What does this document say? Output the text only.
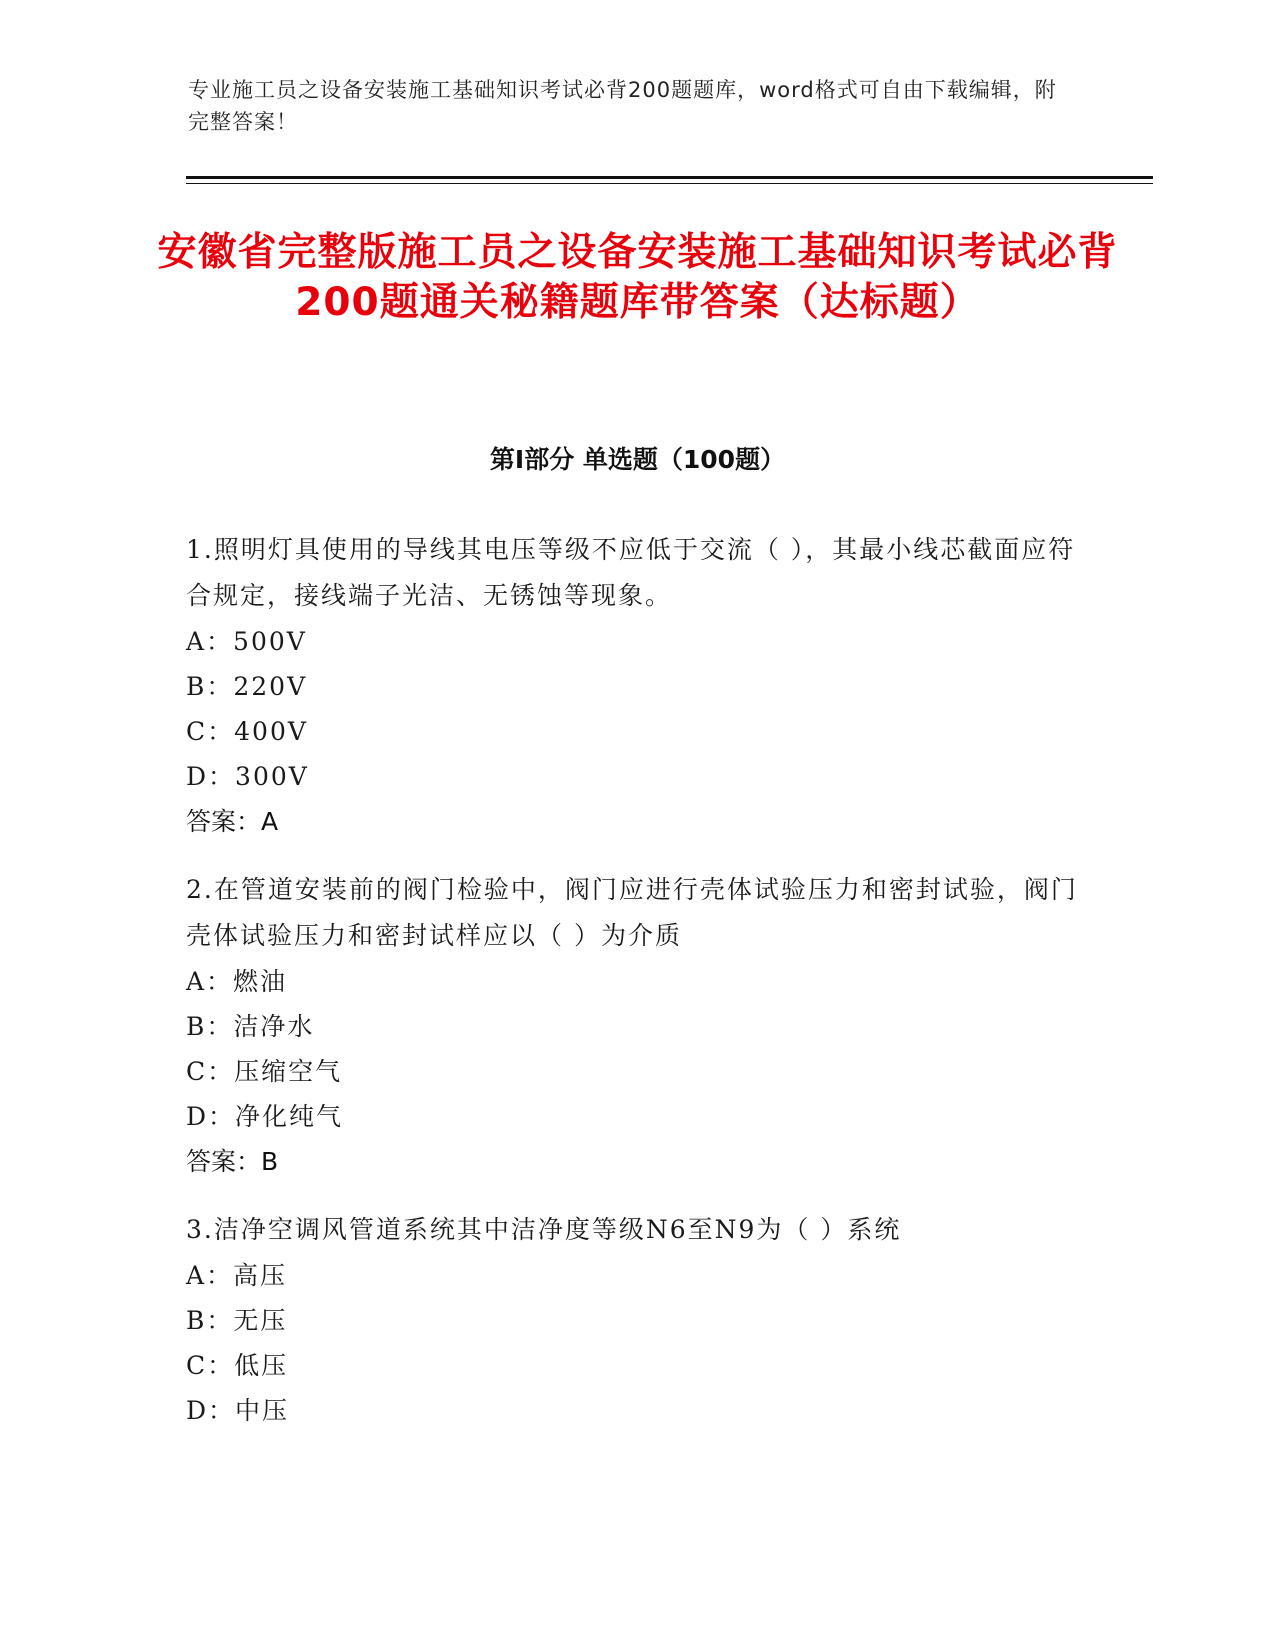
专业施工员之设备安装施工基础知识考试必背200题题库，word格式可自由下载编辑，附完整答案！
安徽省完整版施工员之设备安装施工基础知识考试必背200题通关秘籍题库带答案（达标题）
第I部分 单选题（100题）
1.照明灯具使用的导线其电压等级不应低于交流（ ），其最小线芯截面应符合规定，接线端子光洁、无锈蚀等现象。
A：500V
B：220V
C：400V
D：300V
答案：A
2.在管道安装前的阀门检验中，阀门应进行壳体试验压力和密封试验，阀门壳体试验压力和密封试样应以（ ）为介质
A：燃油
B：洁净水
C：压缩空气
D：净化纯气
答案：B
3.洁净空调风管道系统其中洁净度等级N6至N9为（ ）系统
A：高压
B：无压
C：低压
D：中压
